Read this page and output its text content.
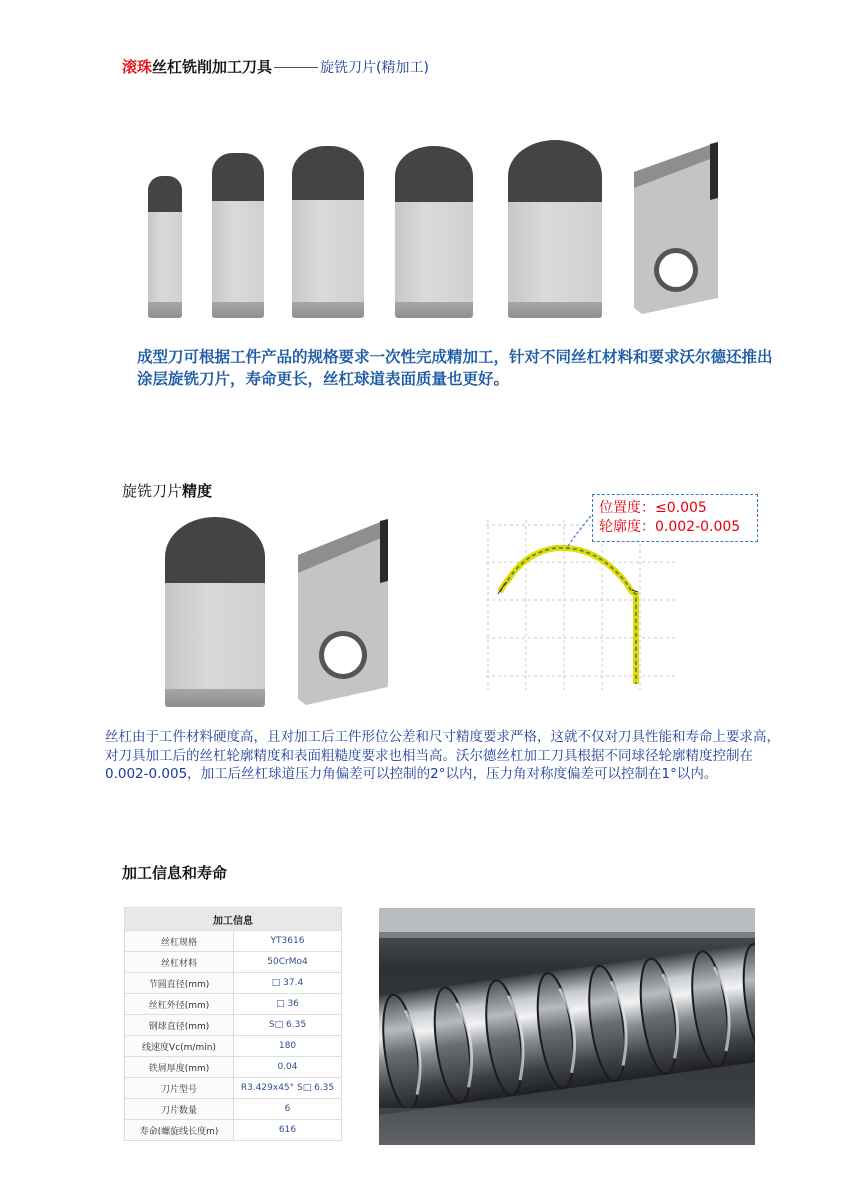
滚珠丝杠铣削加工刀具	旋铣刀片(精加工)
成型刀可根据工件产品的规格要求一次性完成精加工，针对不同丝杠材料和要求沃尔德还推出涂层旋铣刀片，寿命更长，丝杠球道表面质量也更好。
旋铣刀片精度
位置度：≤0.005
轮廓度：0.002-0.005
丝杠由于工件材料硬度高，且对加工后工件形位公差和尺寸精度要求严格，这就不仅对刀具性能和寿命上要求高，对刀具加工后的丝杠轮廓精度和表面粗糙度要求也相当高。沃尔德丝杠加工刀具根据不同球径轮廓精度控制在0.002-0.005，加工后丝杠球道压力角偏差可以控制的2°以内，压力角对称度偏差可以控制在1°以内。
加工信息和寿命
加工信息	
丝杠规格	YT3616
丝杠材料	50CrMo4
节圆直径(mm)	□ 37.4
丝杠外径(mm)	□ 36
钢球直径(mm)	S□ 6.35
线速度Vc(m/min)	180
铁屑厚度(mm)	0.04
刀片型号	R3.429x45° S□ 6.35
刀片数量	6
寿命(螺旋线长度m)	616
